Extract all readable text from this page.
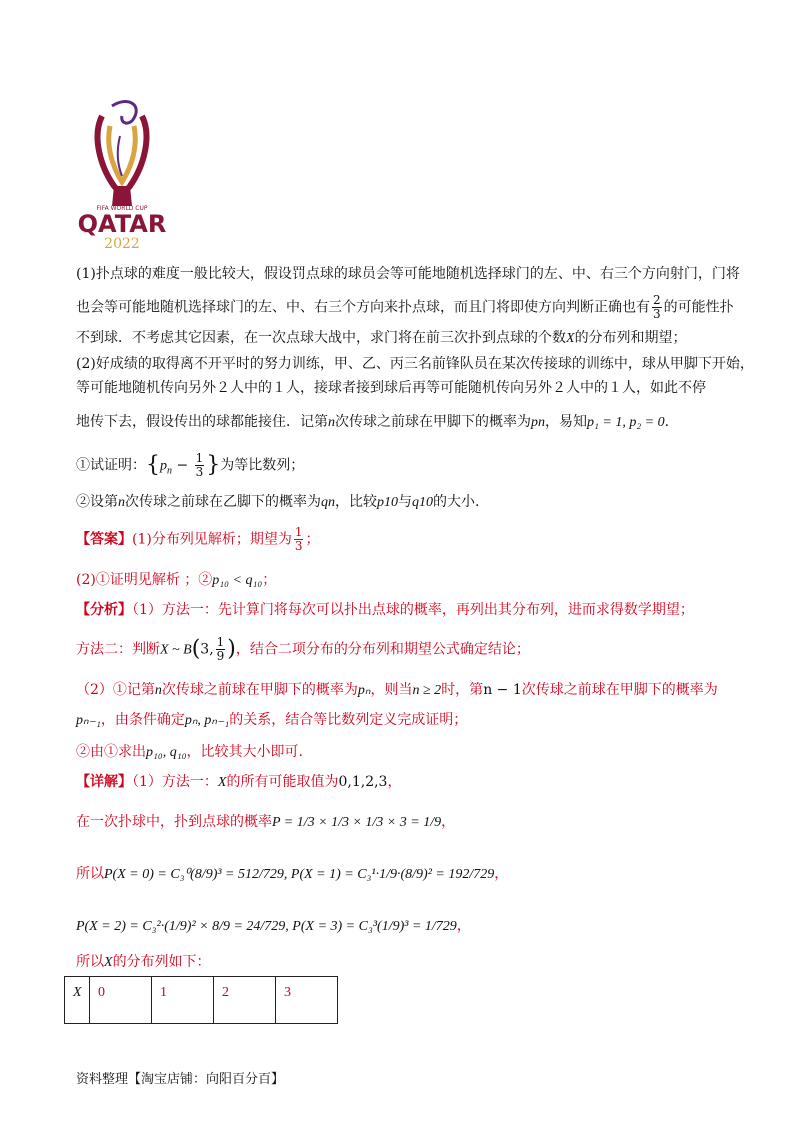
FIFA WORLD CUP
QATAR
2022
(1)扑点球的难度一般比较大，假设罚点球的球员会等可能地随机选择球门的左、中、右三个方向射门，门将
也会等可能地随机选择球门的左、中、右三个方向来扑点球，而且门将即使方向判断正确也有 $\frac{2}{3}$ 的可能性扑
不到球．不考虑其它因素，在一次点球大战中，求门将在前三次扑到点球的个数X的分布列和期望；
(2)好成绩的取得离不开平时的努力训练，甲、乙、丙三名前锋队员在某次传接球的训练中，球从甲脚下开始，
等可能地随机传向另外２人中的１人，接球者接到球后再等可能随机传向另外２人中的１人，如此不停
地传下去，假设传出的球都能接住．记第n次传球之前球在甲脚下的概率为pn，易知p₁ = 1, p₂ = 0.
①试证明：{$p_n - \frac{1}{3}$ }为等比数列；
②设第n次传球之前球在乙脚下的概率为qn，比较p10与q10的大小.
【答案】(1)分布列见解析；期望为 $\frac{1}{3}$ ；
(2)①证明见解析 ；②p₁₀ < q₁₀；
【分析】（1）方法一：先计算门将每次可以扑出点球的概率，再列出其分布列，进而求得数学期望；
方法二：判断X ~ B(3, $\frac{1}{9}$ )，结合二项分布的分布列和期望公式确定结论；
（2）①记第n次传球之前球在甲脚下的概率为pₙ，则当n ≥ 2时，第n − 1次传球之前球在甲脚下的概率为
pₙ₋₁，由条件确定pₙ, pₙ₋₁的关系，结合等比数列定义完成证明；
②由①求出p₁₀, q₁₀，比较其大小即可.
【详解】（1）方法一：X的所有可能取值为0,1,2,3，
在一次扑球中，扑到点球的概率P = 1/3 × 1/3 × 1/3 × 3 = 1/9，
所以P(X = 0) = C₃⁰(8/9)³ = 512/729, P(X = 1) = C₃¹·1/9·(8/9)² = 192/729，
P(X = 2) = C₃²·(1/9)² × 8/9 = 24/729, P(X = 3) = C₃³(1/9)³ = 1/729，
所以X的分布列如下：
X	0	1	2	3
资料整理【淘宝店铺：向阳百分百】
